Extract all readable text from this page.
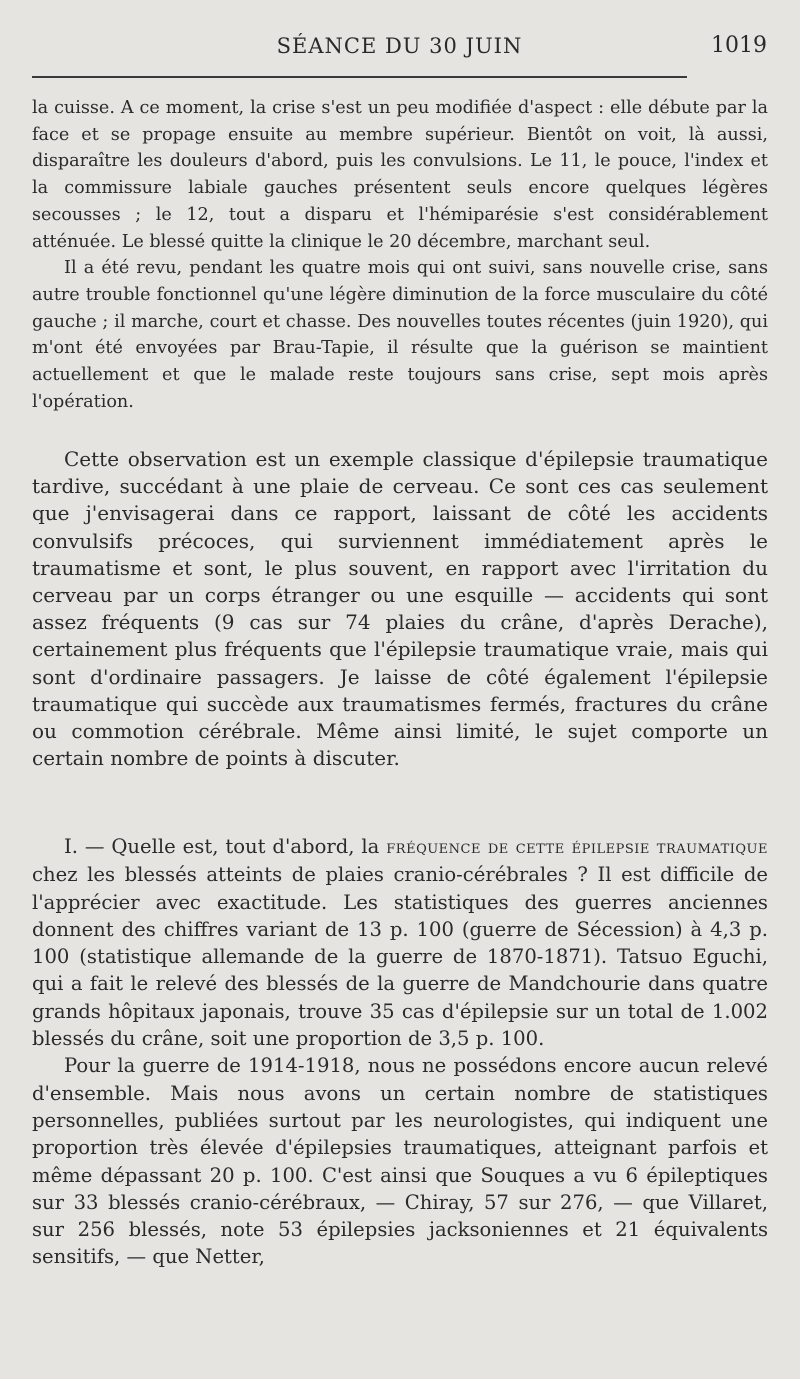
SÉANCE DU 30 JUIN	1019

la cuisse. A ce moment, la crise s'est un peu modifiée d'aspect : elle débute par la face et se propage ensuite au membre supérieur. Bientôt on voit, là aussi, disparaître les douleurs d'abord, puis les convulsions. Le 11, le pouce, l'index et la commissure labiale gauches présentent seuls encore quelques légères secousses ; le 12, tout a disparu et l'hémiparésie s'est considérablement atténuée. Le blessé quitte la clinique le 20 décembre, marchant seul.

Il a été revu, pendant les quatre mois qui ont suivi, sans nouvelle crise, sans autre trouble fonctionnel qu'une légère diminution de la force musculaire du côté gauche ; il marche, court et chasse. Des nouvelles toutes récentes (juin 1920), qui m'ont été envoyées par Brau-Tapie, il résulte que la guérison se maintient actuellement et que le malade reste toujours sans crise, sept mois après l'opération.

Cette observation est un exemple classique d'épilepsie traumatique tardive, succédant à une plaie de cerveau. Ce sont ces cas seulement que j'envisagerai dans ce rapport, laissant de côté les accidents convulsifs précoces, qui surviennent immédiatement après le traumatisme et sont, le plus souvent, en rapport avec l'irritation du cerveau par un corps étranger ou une esquille — accidents qui sont assez fréquents (9 cas sur 74 plaies du crâne, d'après Derache), certainement plus fréquents que l'épilepsie traumatique vraie, mais qui sont d'ordinaire passagers. Je laisse de côté également l'épilepsie traumatique qui succède aux traumatismes fermés, fractures du crâne ou commotion cérébrale. Même ainsi limité, le sujet comporte un certain nombre de points à discuter.

I. — Quelle est, tout d'abord, la fréquence de cette épilepsie traumatique chez les blessés atteints de plaies cranio-cérébrales ? Il est difficile de l'apprécier avec exactitude. Les statistiques des guerres anciennes donnent des chiffres variant de 13 p. 100 (guerre de Sécession) à 4,3 p. 100 (statistique allemande de la guerre de 1870-1871). Tatsuo Eguchi, qui a fait le relevé des blessés de la guerre de Mandchourie dans quatre grands hôpitaux japonais, trouve 35 cas d'épilepsie sur un total de 1.002 blessés du crâne, soit une proportion de 3,5 p. 100.

Pour la guerre de 1914-1918, nous ne possédons encore aucun relevé d'ensemble. Mais nous avons un certain nombre de statistiques personnelles, publiées surtout par les neurologistes, qui indiquent une proportion très élevée d'épilepsies traumatiques, atteignant parfois et même dépassant 20 p. 100. C'est ainsi que Souques a vu 6 épileptiques sur 33 blessés cranio-cérébraux, — Chiray, 57 sur 276, — que Villaret, sur 256 blessés, note 53 épilepsies jacksoniennes et 21 équivalents sensitifs, — que Netter,
